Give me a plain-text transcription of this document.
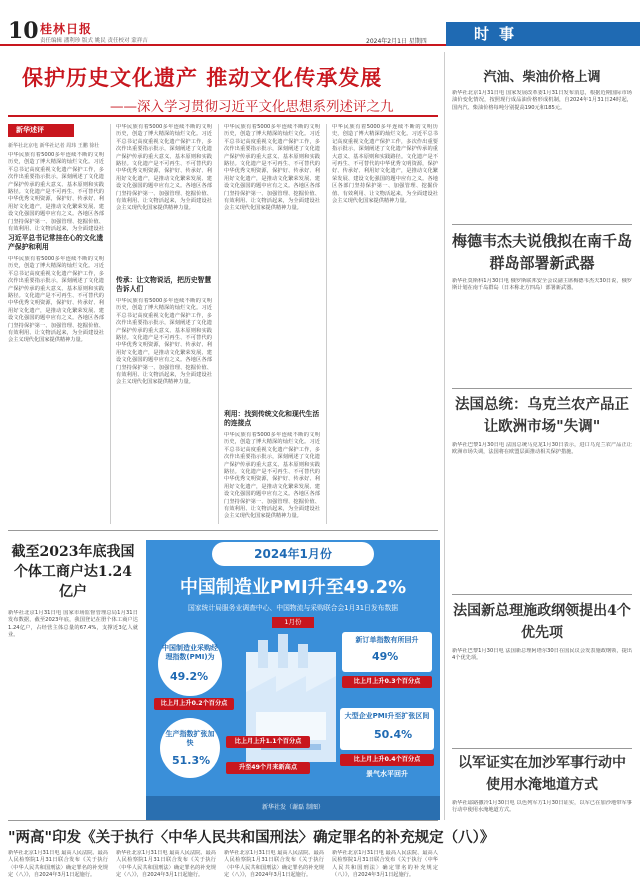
10 桂林日报
责任编辑 潘利珍 版式 姚民 责任校对 蒙祥吉	2024年2月1日 星期四	时事
保护历史文化遗产 推动文化传承发展
——深入学习贯彻习近平文化思想系列述评之九
新华述评
新华社北京电 新华社记者 周玮 王鹏 徐壮
中华民族有着5000多年连续不断的文明历史，创造了博大精深的灿烂文化。习近平总书记高度重视文化遗产保护工作，多次作出重要指示批示，深刻阐述了文化遗产保护传承的重大意义、基本原则和实践路径。文化遗产是不可再生、不可替代的中华优秀文明资源，保护好、传承好、利用好文化遗产，是推动文化繁荣发展、建设文化强国的题中应有之义。各地区各部门坚持保护第一、加强管理、挖掘价值、有效利用、让文物活起来，为全面建设社
习近平总书记常挂在心的文化遗产保护和利用
中华民族有着5000多年连续不断的文明历史，创造了博大精深的灿烂文化。习近平总书记高度重视文化遗产保护工作，多次作出重要指示批示，深刻阐述了文化遗产保护传承的重大意义、基本原则和实践路径。文化遗产是不可再生、不可替代的中华优秀文明资源，保护好、传承好、利用好文化遗产，是推动文化繁荣发展、建设文化强国的题中应有之义。各地区各部门坚持保护第一、加强管理、挖掘价值、有效利用、让文物活起来，为全面建设社会主义现代化国家提供精神力量。
中华民族有着5000多年连续不断的文明历史，创造了博大精深的灿烂文化。习近平总书记高度重视文化遗产保护工作，多次作出重要指示批示，深刻阐述了文化遗产保护传承的重大意义、基本原则和实践路径。文化遗产是不可再生、不可替代的中华优秀文明资源，保护好、传承好、利用好文化遗产，是推动文化繁荣发展、建设文化强国的题中应有之义。各地区各部门坚持保护第一、加强管理、挖掘价值、有效利用、让文物活起来，为全面建设社会主义现代化国家提供精神力量。
传承：让文物说话，把历史智慧告诉人们
中华民族有着5000多年连续不断的文明历史，创造了博大精深的灿烂文化。习近平总书记高度重视文化遗产保护工作，多次作出重要指示批示，深刻阐述了文化遗产保护传承的重大意义、基本原则和实践路径。文化遗产是不可再生、不可替代的中华优秀文明资源，保护好、传承好、利用好文化遗产，是推动文化繁荣发展、建设文化强国的题中应有之义。各地区各部门坚持保护第一、加强管理、挖掘价值、有效利用、让文物活起来，为全面建设社会主义现代化国家提供精神力量。
中华民族有着5000多年连续不断的文明历史，创造了博大精深的灿烂文化。习近平总书记高度重视文化遗产保护工作，多次作出重要指示批示，深刻阐述了文化遗产保护传承的重大意义、基本原则和实践路径。文化遗产是不可再生、不可替代的中华优秀文明资源，保护好、传承好、利用好文化遗产，是推动文化繁荣发展、建设文化强国的题中应有之义。各地区各部门坚持保护第一、加强管理、挖掘价值、有效利用、让文物活起来，为全面建设社会主义现代化国家提供精神力量。
利用：找到传统文化和现代生活的连接点
中华民族有着5000多年连续不断的文明历史，创造了博大精深的灿烂文化。习近平总书记高度重视文化遗产保护工作，多次作出重要指示批示，深刻阐述了文化遗产保护传承的重大意义、基本原则和实践路径。文化遗产是不可再生、不可替代的中华优秀文明资源，保护好、传承好、利用好文化遗产，是推动文化繁荣发展、建设文化强国的题中应有之义。各地区各部门坚持保护第一、加强管理、挖掘价值、有效利用、让文物活起来，为全面建设社会主义现代化国家提供精神力量。
中华民族有着5000多年连续不断的文明历史，创造了博大精深的灿烂文化。习近平总书记高度重视文化遗产保护工作，多次作出重要指示批示，深刻阐述了文化遗产保护传承的重大意义、基本原则和实践路径。文化遗产是不可再生、不可替代的中华优秀文明资源，保护好、传承好、利用好文化遗产，是推动文化繁荣发展、建设文化强国的题中应有之义。各地区各部门坚持保护第一、加强管理、挖掘价值、有效利用、让文物活起来，为全面建设社会主义现代化国家提供精神力量。
截至2023年底我国个体工商户达1.24亿户
新华社北京1月31日电 国家市场监督管理总局1月31日发布数据，截至2023年底，我国登记在册个体工商户达1.24亿户，占经营主体总量的67.4%，支撑近3亿人就业。
2024年1月份
中国制造业PMI升至49.2%
国家统计局服务业调查中心、中国物流与采购联合会1月31日发布数据
1月份
中国制造业采购经理指数(PMI)为
49.2%
比上月上升0.2个百分点
新订单指数有所回升
49%
比上月上升0.3个百分点
生产指数扩张加快
51.3%
比上月上升1.1个百分点
大型企业PMI升至扩张区间
50.4%
比上月上升0.4个百分点
升至49个月来新高点
景气水平回升
新华社发（谢磊 制图）
汽油、柴油价格上调
新华社北京1月31日电 国家发展改革委1月31日发布消息，根据近期国际市场油价变化情况，按照现行成品油价格形成机制，自2024年1月31日24时起，国内汽、柴油价格每吨分别提高190元和185元。
梅德韦杰夫说俄拟在南千岛群岛部署新武器
新华社莫斯科1月30日电 俄罗斯联邦安全会议副主席梅德韦杰夫30日说，俄罗斯计划在南千岛群岛（日本称北方四岛）部署新武器。
法国总统：乌克兰农产品正让欧洲市场"失调"
新华社巴黎1月30日电 法国总统马克龙1月30日表示，进口乌克兰农产品正让欧洲市场失调，法国将在欧盟层面推动相关保护措施。
法国新总理施政纲领提出4个优先项
新华社巴黎1月30日电 法国新总理阿塔尔30日在国民议会发表施政纲领，提出4个优先项。
以军证实在加沙军事行动中使用水淹地道方式
新华社耶路撒冷1月30日电 以色列军方1月30日证实，以军已在加沙地带军事行动中使用水淹地道方式。
"两高"印发《关于执行〈中华人民共和国刑法〉确定罪名的补充规定（八）》
新华社北京1月31日电 最高人民法院、最高人民检察院1月31日联合发布《关于执行〈中华人民共和国刑法〉确定罪名的补充规定（八）》，自2024年3月1日起施行。
新华社北京1月31日电 最高人民法院、最高人民检察院1月31日联合发布《关于执行〈中华人民共和国刑法〉确定罪名的补充规定（八）》，自2024年3月1日起施行。
新华社北京1月31日电 最高人民法院、最高人民检察院1月31日联合发布《关于执行〈中华人民共和国刑法〉确定罪名的补充规定（八）》，自2024年3月1日起施行。
新华社北京1月31日电 最高人民法院、最高人民检察院1月31日联合发布《关于执行〈中华人民共和国刑法〉确定罪名的补充规定（八）》，自2024年3月1日起施行。
